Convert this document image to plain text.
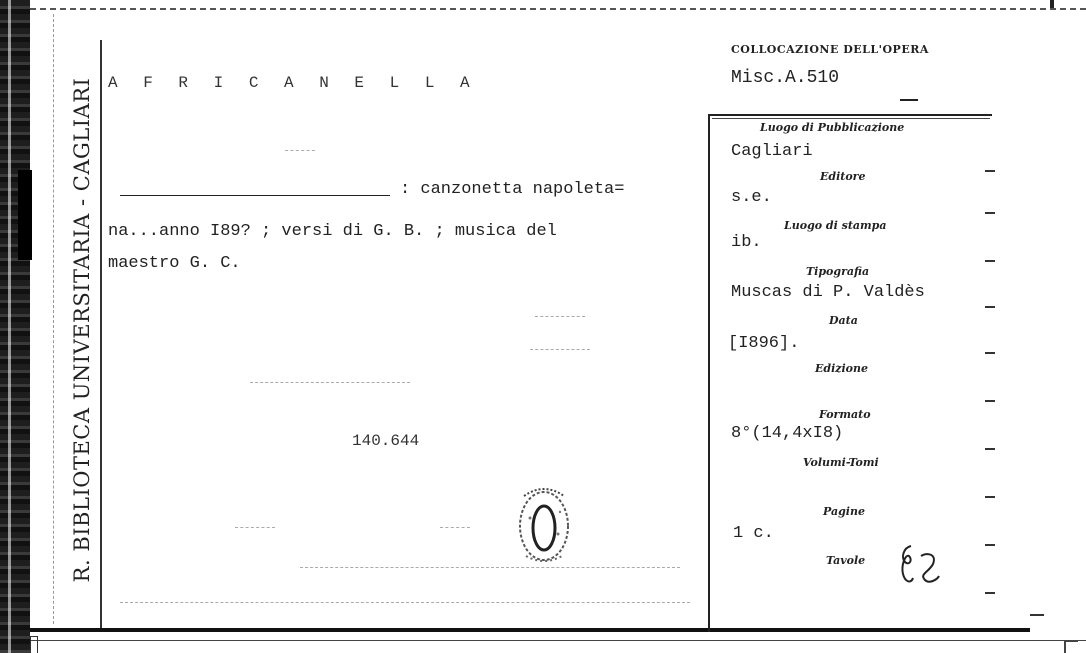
R. BIBLIOTECA UNIVERSITARIA - CAGLIARI A F R I C A N E L L A
: canzonetta napoleta=
na...anno I89? ; versi di G. B. ; musica del
maestro G. C.
140.644
COLLOCAZIONE DELL'OPERA
Misc.A.510
Luogo di Pubblicazione
Cagliari
Editore
s.e.
Luogo di stampa
ib.
Tipografia
Muscas di P. Valdès
Data
[I896].
Edizione
Formato
8°(14,4xI8)
Volumi-Tomi
Pagine
1 c.
Tavole
